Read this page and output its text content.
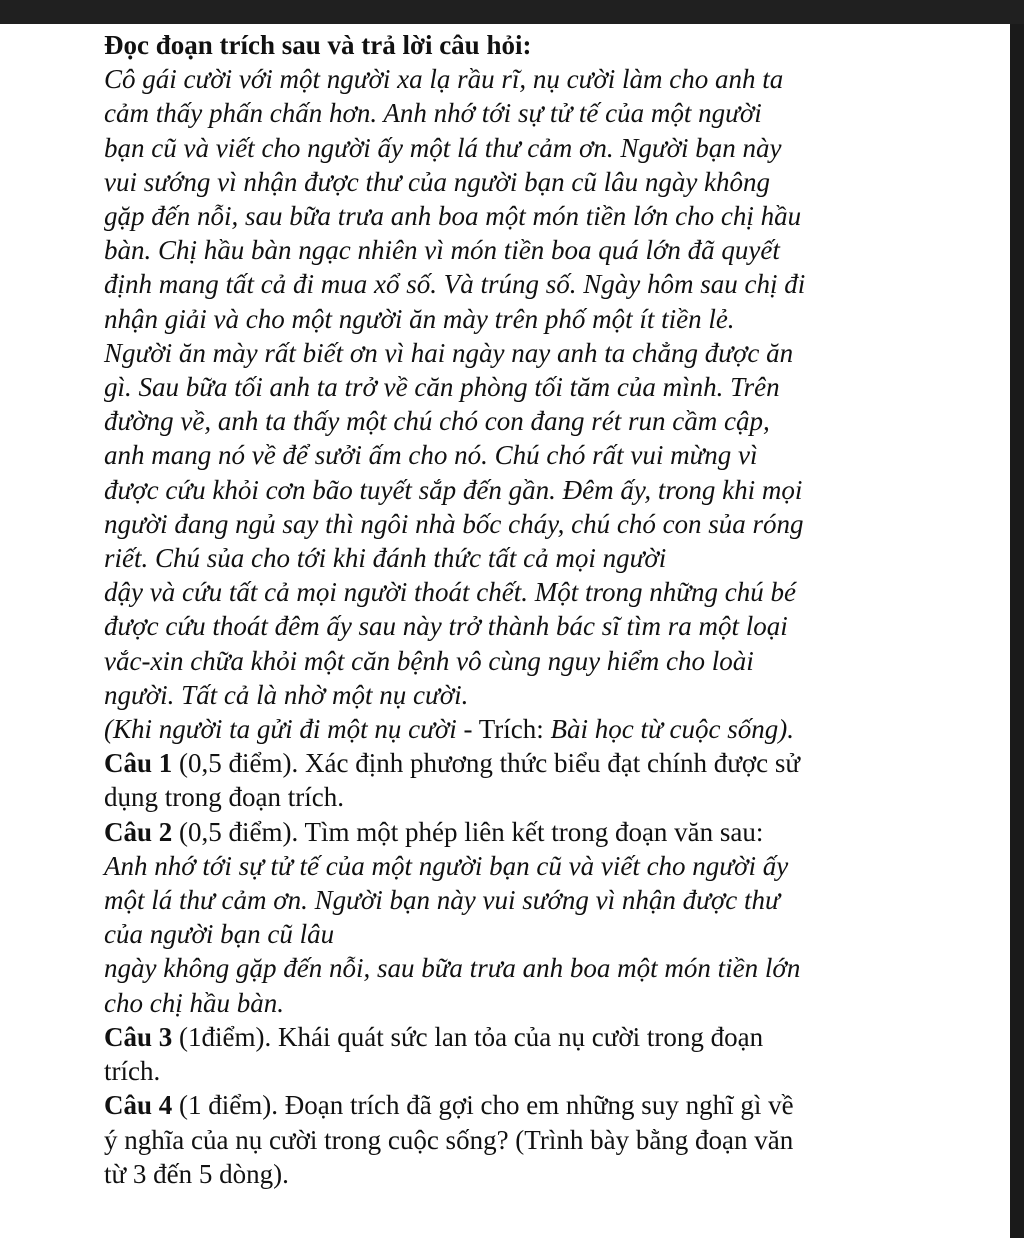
Đọc đoạn trích sau và trả lời câu hỏi:
Cô gái cười với một người xa lạ rầu rĩ, nụ cười làm cho anh ta
cảm thấy phấn chấn hơn. Anh nhớ tới sự tử tế của một người
bạn cũ và viết cho người ấy một lá thư cảm ơn. Người bạn này
vui sướng vì nhận được thư của người bạn cũ lâu ngày không
gặp đến nỗi, sau bữa trưa anh boa một món tiền lớn cho chị hầu
bàn. Chị hầu bàn ngạc nhiên vì món tiền boa quá lớn đã quyết
định mang tất cả đi mua xổ số. Và trúng số. Ngày hôm sau chị đi
nhận giải và cho một người ăn mày trên phố một ít tiền lẻ.
Người ăn mày rất biết ơn vì hai ngày nay anh ta chẳng được ăn
gì. Sau bữa tối anh ta trở về căn phòng tối tăm của mình. Trên
đường về, anh ta thấy một chú chó con đang rét run cầm cập,
anh mang nó về để sưởi ấm cho nó. Chú chó rất vui mừng vì
được cứu khỏi cơn bão tuyết sắp đến gần. Đêm ấy, trong khi mọi
người đang ngủ say thì ngôi nhà bốc cháy, chú chó con sủa róng
riết. Chú sủa cho tới khi đánh thức tất cả mọi người
dậy và cứu tất cả mọi người thoát chết. Một trong những chú bé
được cứu thoát đêm ấy sau này trở thành bác sĩ tìm ra một loại
vắc-xin chữa khỏi một căn bệnh vô cùng nguy hiểm cho loài
người. Tất cả là nhờ một nụ cười.
(Khi người ta gửi đi một nụ cười - Trích: Bài học từ cuộc sống).
Câu 1 (0,5 điểm). Xác định phương thức biểu đạt chính được sử
dụng trong đoạn trích.
Câu 2 (0,5 điểm). Tìm một phép liên kết trong đoạn văn sau:
Anh nhớ tới sự tử tế của một người bạn cũ và viết cho người ấy
một lá thư cảm ơn. Người bạn này vui sướng vì nhận được thư
của người bạn cũ lâu
ngày không gặp đến nỗi, sau bữa trưa anh boa một món tiền lớn
cho chị hầu bàn.
Câu 3 (1điểm). Khái quát sức lan tỏa của nụ cười trong đoạn
trích.
Câu 4 (1 điểm). Đoạn trích đã gợi cho em những suy nghĩ gì về
ý nghĩa của nụ cười trong cuộc sống? (Trình bày bằng đoạn văn
từ 3 đến 5 dòng).
